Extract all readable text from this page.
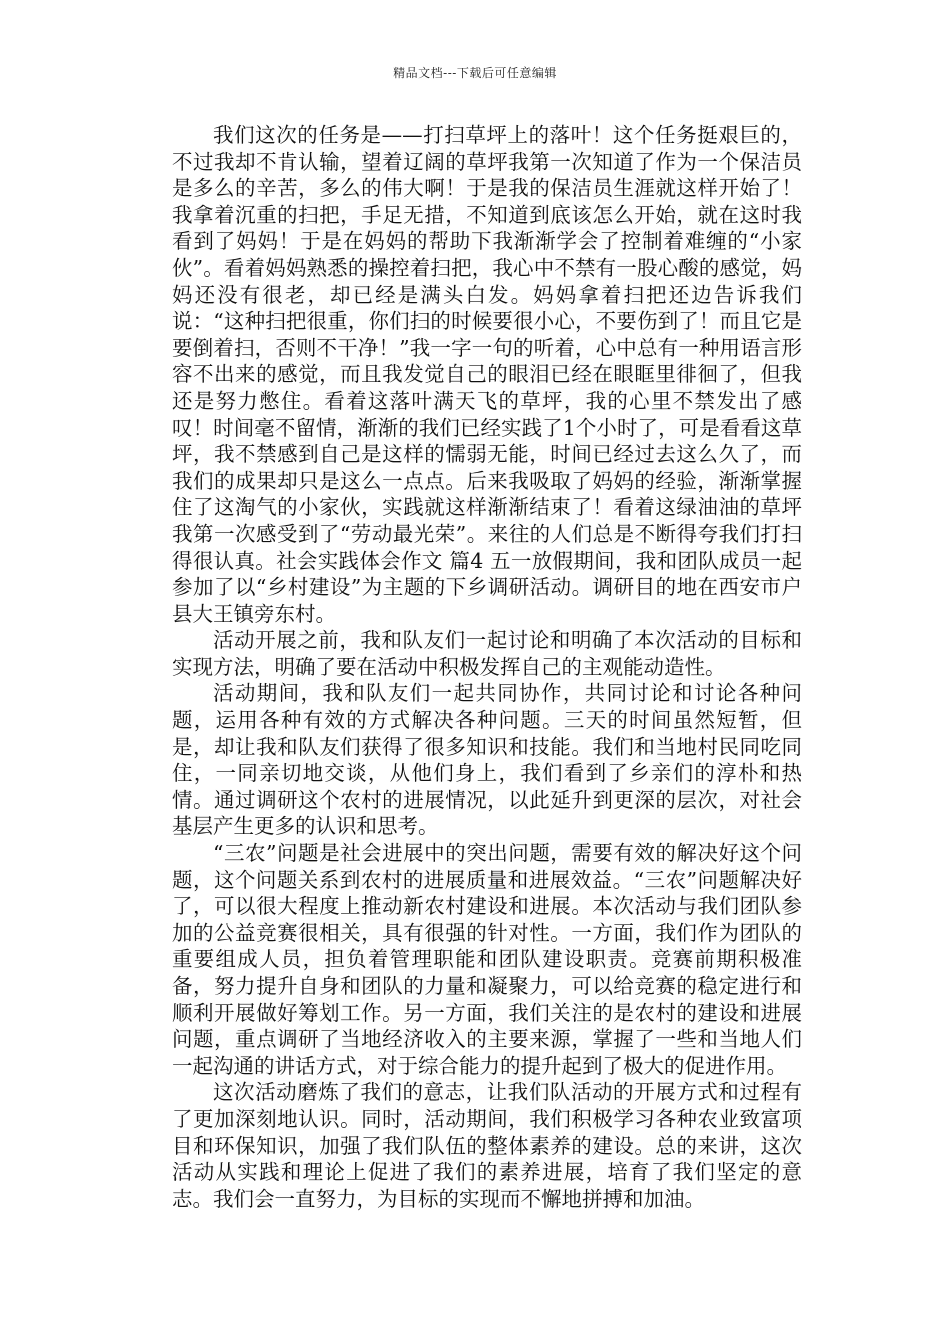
精品文档---下载后可任意编辑

我们这次的任务是——打扫草坪上的落叶！这个任务挺艰巨的，不过我却不肯认输，望着辽阔的草坪我第一次知道了作为一个保洁员是多么的辛苦，多么的伟大啊！于是我的保洁员生涯就这样开始了！我拿着沉重的扫把，手足无措，不知道到底该怎么开始，就在这时我看到了妈妈！于是在妈妈的帮助下我渐渐学会了控制着难缠的“小家伙”。看着妈妈熟悉的操控着扫把，我心中不禁有一股心酸的感觉，妈妈还没有很老，却已经是满头白发。妈妈拿着扫把还边告诉我们说：“这种扫把很重，你们扫的时候要很小心，不要伤到了！而且它是要倒着扫，否则不干净！”我一字一句的听着，心中总有一种用语言形容不出来的感觉，而且我发觉自己的眼泪已经在眼眶里徘徊了，但我还是努力憋住。看着这落叶满天飞的草坪，我的心里不禁发出了感叹！时间毫不留情，渐渐的我们已经实践了1个小时了，可是看看这草坪，我不禁感到自己是这样的懦弱无能，时间已经过去这么久了，而我们的成果却只是这么一点点。后来我吸取了妈妈的经验，渐渐掌握住了这淘气的小家伙，实践就这样渐渐结束了！看着这绿油油的草坪我第一次感受到了“劳动最光荣”。来往的人们总是不断得夸我们打扫得很认真。社会实践体会作文 篇4 五一放假期间，我和团队成员一起参加了以“乡村建设”为主题的下乡调研活动。调研目的地在西安市户县大王镇旁东村。

活动开展之前，我和队友们一起讨论和明确了本次活动的目标和实现方法，明确了要在活动中积极发挥自己的主观能动造性。

活动期间，我和队友们一起共同协作，共同讨论和讨论各种问题，运用各种有效的方式解决各种问题。三天的时间虽然短暂，但是，却让我和队友们获得了很多知识和技能。我们和当地村民同吃同住，一同亲切地交谈，从他们身上，我们看到了乡亲们的淳朴和热情。通过调研这个农村的进展情况，以此延升到更深的层次，对社会基层产生更多的认识和思考。

“三农”问题是社会进展中的突出问题，需要有效的解决好这个问题，这个问题关系到农村的进展质量和进展效益。“三农”问题解决好了，可以很大程度上推动新农村建设和进展。本次活动与我们团队参加的公益竞赛很相关，具有很强的针对性。一方面，我们作为团队的重要组成人员，担负着管理职能和团队建设职责。竞赛前期积极准备，努力提升自身和团队的力量和凝聚力，可以给竞赛的稳定进行和顺利开展做好筹划工作。另一方面，我们关注的是农村的建设和进展问题，重点调研了当地经济收入的主要来源，掌握了一些和当地人们一起沟通的讲话方式，对于综合能力的提升起到了极大的促进作用。

这次活动磨炼了我们的意志，让我们队活动的开展方式和过程有了更加深刻地认识。同时，活动期间，我们积极学习各种农业致富项目和环保知识，加强了我们队伍的整体素养的建设。总的来讲，这次活动从实践和理论上促进了我们的素养进展，培育了我们坚定的意志。我们会一直努力，为目标的实现而不懈地拼搏和加油。
